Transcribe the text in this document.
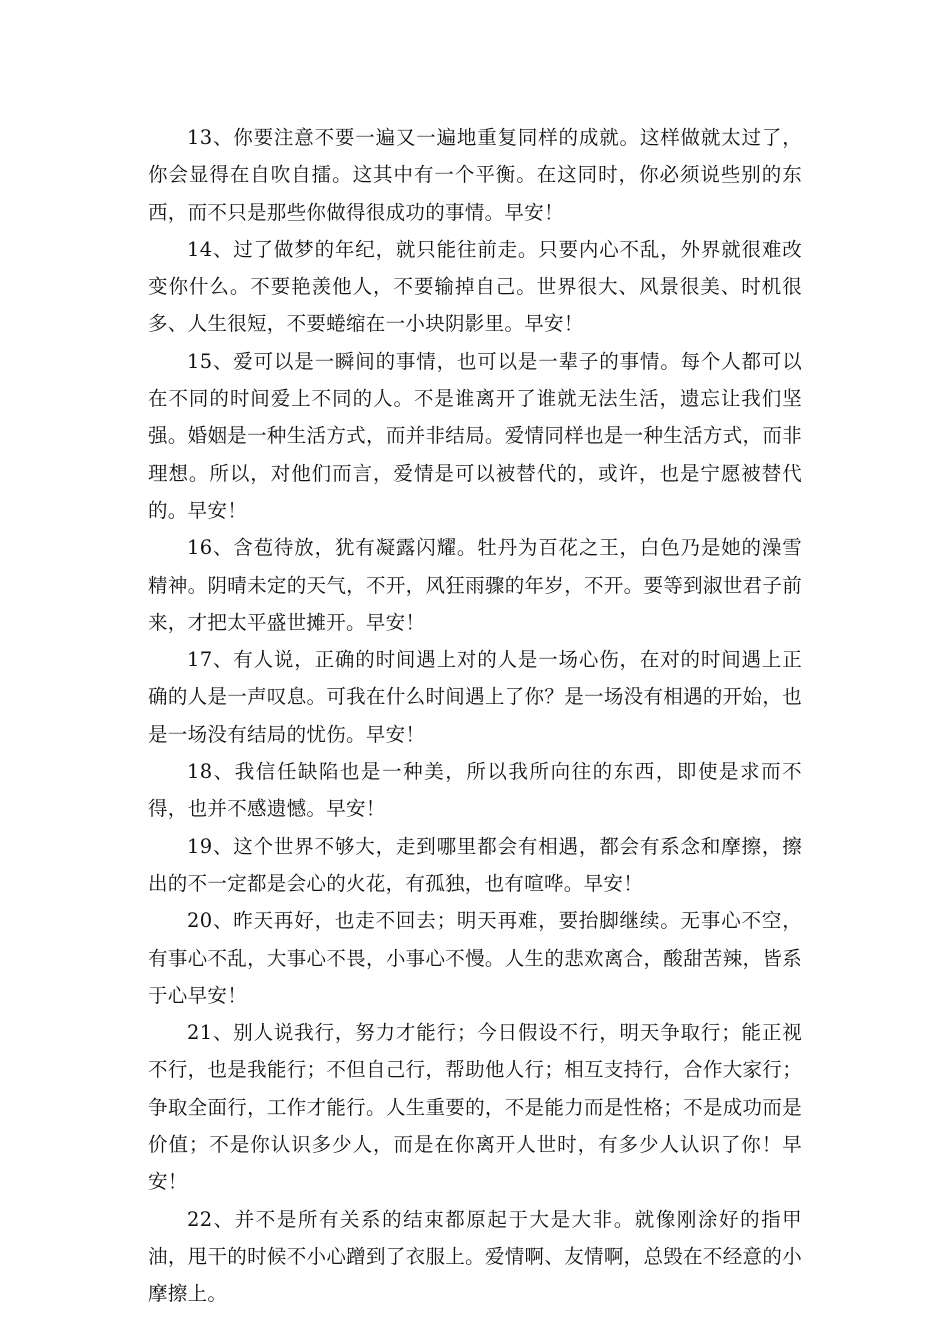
13、你要注意不要一遍又一遍地重复同样的成就。这样做就太过了，你会显得在自吹自擂。这其中有一个平衡。在这同时，你必须说些别的东西，而不只是那些你做得很成功的事情。早安！

14、过了做梦的年纪，就只能往前走。只要内心不乱，外界就很难改变你什么。不要艳羡他人，不要输掉自己。世界很大、风景很美、时机很多、人生很短，不要蜷缩在一小块阴影里。早安！

15、爱可以是一瞬间的事情，也可以是一辈子的事情。每个人都可以在不同的时间爱上不同的人。不是谁离开了谁就无法生活，遗忘让我们坚强。婚姻是一种生活方式，而并非结局。爱情同样也是一种生活方式，而非理想。所以，对他们而言，爱情是可以被替代的，或许，也是宁愿被替代的。早安！

16、含苞待放，犹有凝露闪耀。牡丹为百花之王，白色乃是她的澡雪精神。阴晴未定的天气，不开，风狂雨骤的年岁，不开。要等到淑世君子前来，才把太平盛世摊开。早安！

17、有人说，正确的时间遇上对的人是一场心伤，在对的时间遇上正确的人是一声叹息。可我在什么时间遇上了你？是一场没有相遇的开始，也是一场没有结局的忧伤。早安！

18、我信任缺陷也是一种美，所以我所向往的东西，即使是求而不得，也并不感遗憾。早安！

19、这个世界不够大，走到哪里都会有相遇，都会有系念和摩擦，擦出的不一定都是会心的火花，有孤独，也有喧哗。早安！

20、昨天再好，也走不回去；明天再难，要抬脚继续。无事心不空，有事心不乱，大事心不畏，小事心不慢。人生的悲欢离合，酸甜苦辣，皆系于心早安！

21、别人说我行，努力才能行；今日假设不行，明天争取行；能正视不行，也是我能行；不但自己行，帮助他人行；相互支持行，合作大家行；争取全面行，工作才能行。人生重要的，不是能力而是性格；不是成功而是价值；不是你认识多少人，而是在你离开人世时，有多少人认识了你！早安！

22、并不是所有关系的结束都原起于大是大非。就像刚涂好的指甲油，甩干的时候不小心蹭到了衣服上。爱情啊、友情啊，总毁在不经意的小摩擦上。
